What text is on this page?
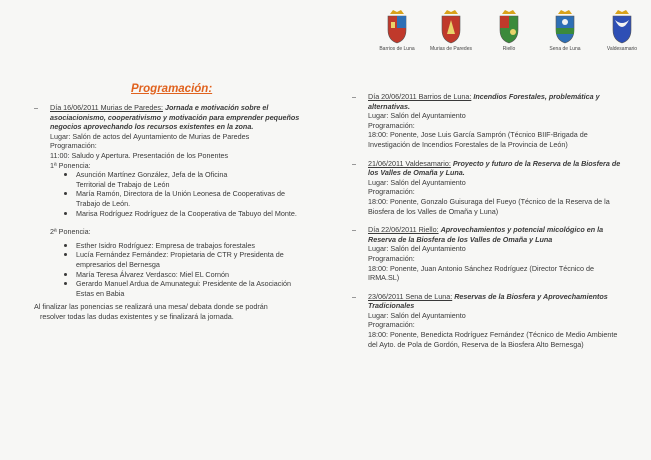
Barrios de Luna	Murias de Paredes	Riello	Sena de Luna	Valdesamario
Programación:
– Día 16/06/2011 Murias de Paredes: Jornada e motivación sobre el asociacionismo, cooperativismo y motivación para emprender pequeños negocios aprovechando los recursos existentes en la zona.
Lugar: Salón de actos del Ayuntamiento de Murias de Paredes
Programación:
11:00: Saludo y Apertura. Presentación de los Ponentes
1ª Ponencia:
Asunción Martínez González, Jefa de la Oficina Territorial de Trabajo de León
María Ramón, Directora de la Unión Leonesa de Cooperativas de Trabajo de León.
Marisa Rodríguez Rodríguez de la Cooperativa de Tabuyo del Monte.
2ª Ponencia:
Esther Isidro Rodríguez: Empresa de trabajos forestales
Lucía Fernández Fernández: Propietaria de CTR y Presidenta de empresarios del Bernesga
María Teresa Álvarez Verdasco: Miel EL Cornón
Gerardo Manuel Ardua de Amunategui: Presidente de la Asociación Estas en Babia
Al finalizar las ponencias se realizará una mesa/ debata donde se podrán
resolver todas las dudas existentes y se finalizará la jornada.
– Día 20/06/2011 Barrios de Luna: Incendios Forestales, problemática y alternativas.
Lugar: Salón del Ayuntamiento
Programación:
18:00: Ponente, Jose Luis García Samprón (Técnico BIIF-Brigada de Investigación de Incendios Forestales de la Provincia de León)
– 21/06/2011 Valdesamario: Proyecto y futuro de la Reserva de la Biosfera de los Valles de Omaña y Luna.
Lugar: Salón del Ayuntamiento
Programación:
18:00: Ponente, Gonzalo Guisuraga del Fueyo (Técnico de la Reserva de la Biosfera de los Valles de Omaña y Luna)
– Día 22/06/2011 Riello: Aprovechamientos y potencial micológico en la Reserva de la Biosfera de los Valles de Omaña y Luna
Lugar: Salón del Ayuntamiento
Programación:
18:00: Ponente, Juan Antonio Sánchez Rodríguez (Director Técnico de IRMA.SL)
– 23/06/2011 Sena de Luna: Reservas de la Biosfera y Aprovechamientos Tradicionales
Lugar: Salón del Ayuntamiento
Programación:
18:00: Ponente, Benedicta Rodríguez Fernández (Técnico de Medio Ambiente del Ayto. de Pola de Gordón, Reserva de la Biosfera Alto Bernesga)
